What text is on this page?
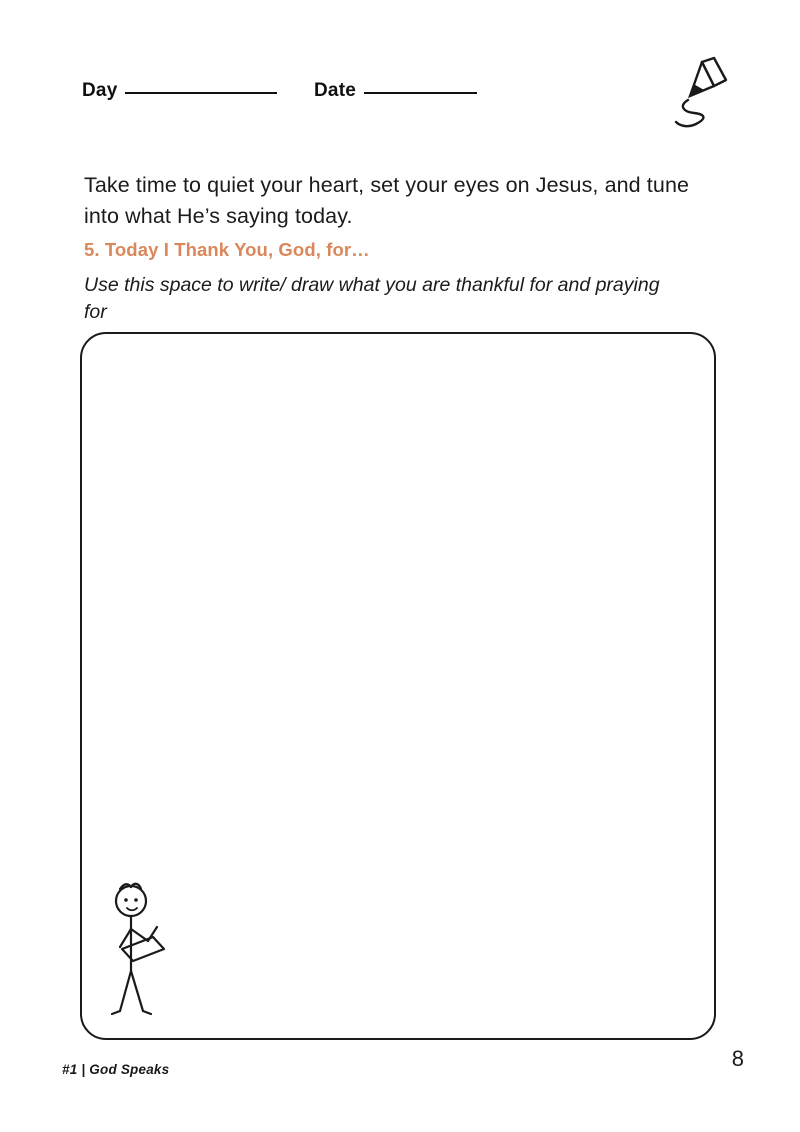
Day	Date

Take time to quiet your heart, set your eyes on Jesus, and tune into what He’s saying today.

5. Today I Thank You, God, for…

Use this space to write/ draw what you are thankful for and praying for

#1 | God Speaks	8
